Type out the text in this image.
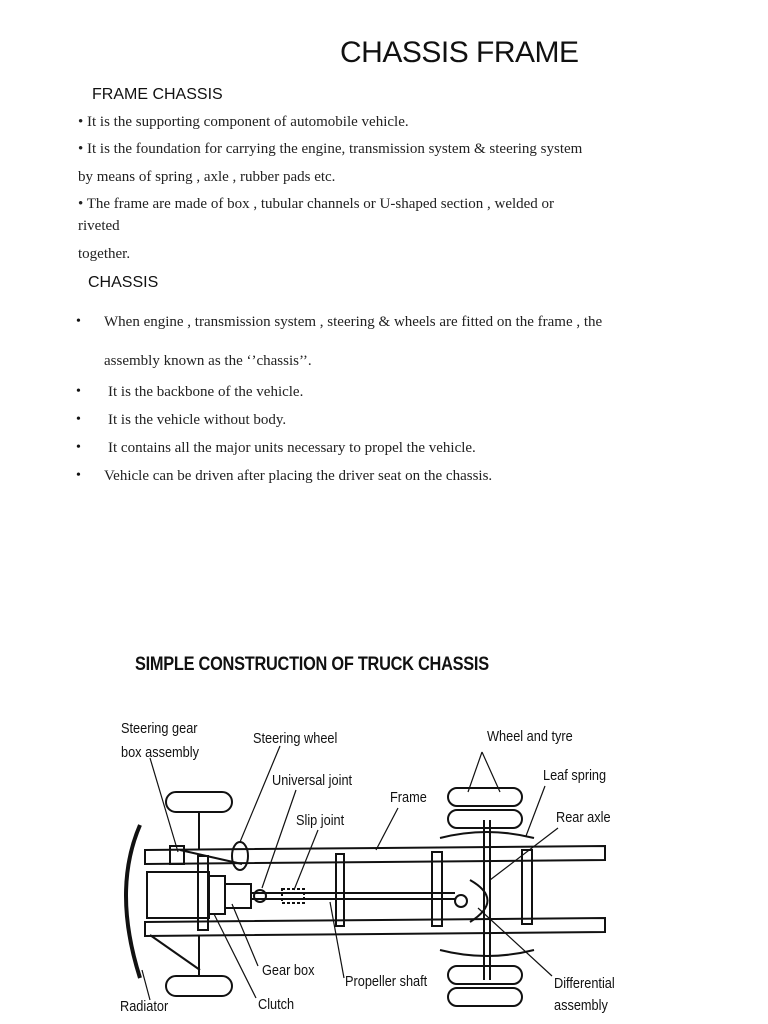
CHASSIS FRAME
FRAME CHASSIS
• It is the supporting component of automobile vehicle.
• It is the foundation for carrying the engine, transmission system & steering system
by means of spring , axle , rubber pads etc.
• The frame are made of box , tubular channels or U-shaped section , welded or
riveted
together.
CHASSIS
• When engine , transmission system , steering & wheels are fitted on the frame , the
assembly known as the ‘’chassis’’.
• It is the backbone of the vehicle.
• It is the vehicle without body.
• It contains all the major units necessary to propel the vehicle.
• Vehicle can be driven after placing the driver seat on the chassis.
SIMPLE CONSTRUCTION OF TRUCK CHASSIS
Steering gear
box assembly
Steering wheel
Universal joint
Frame
Slip joint
Wheel and tyre
Leaf spring
Rear axle
Gear box
Propeller shaft	Differential
assembly
Radiator	Clutch
